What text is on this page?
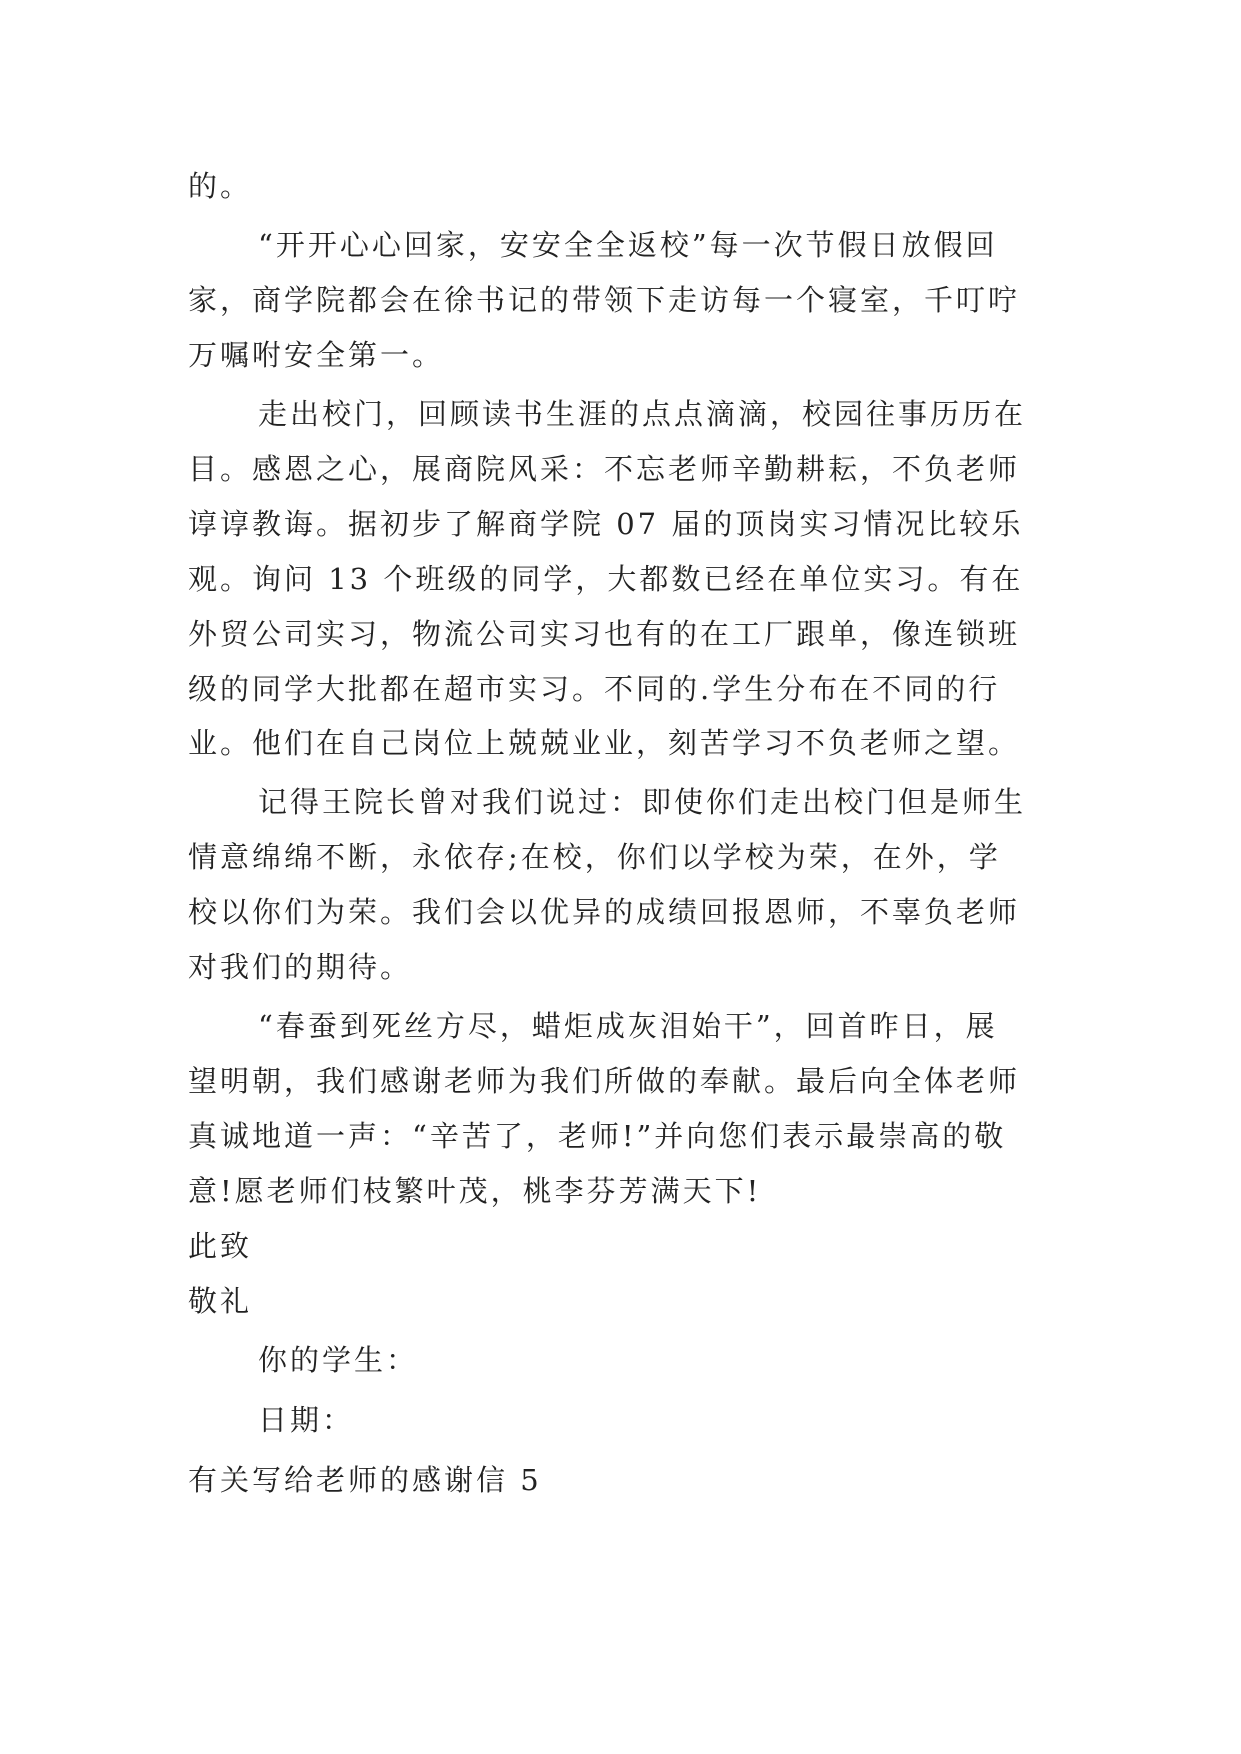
的。
“开开心心回家，安安全全返校”每一次节假日放假回
家，商学院都会在徐书记的带领下走访每一个寝室，千叮咛
万嘱咐安全第一。
走出校门，回顾读书生涯的点点滴滴，校园往事历历在
目。感恩之心，展商院风采：不忘老师辛勤耕耘，不负老师
谆谆教诲。据初步了解商学院 07 届的顶岗实习情况比较乐
观。询问 13 个班级的同学，大都数已经在单位实习。有在
外贸公司实习，物流公司实习也有的在工厂跟单，像连锁班
级的同学大批都在超市实习。不同的.学生分布在不同的行
业。他们在自己岗位上兢兢业业，刻苦学习不负老师之望。
记得王院长曾对我们说过：即使你们走出校门但是师生
情意绵绵不断，永依存;在校，你们以学校为荣，在外，学
校以你们为荣。我们会以优异的成绩回报恩师，不辜负老师
对我们的期待。
“春蚕到死丝方尽，蜡炬成灰泪始干”，回首昨日，展
望明朝，我们感谢老师为我们所做的奉献。最后向全体老师
真诚地道一声：“辛苦了，老师!”并向您们表示最崇高的敬
意!愿老师们枝繁叶茂，桃李芬芳满天下!
此致
敬礼
你的学生：
日期：
有关写给老师的感谢信 5
